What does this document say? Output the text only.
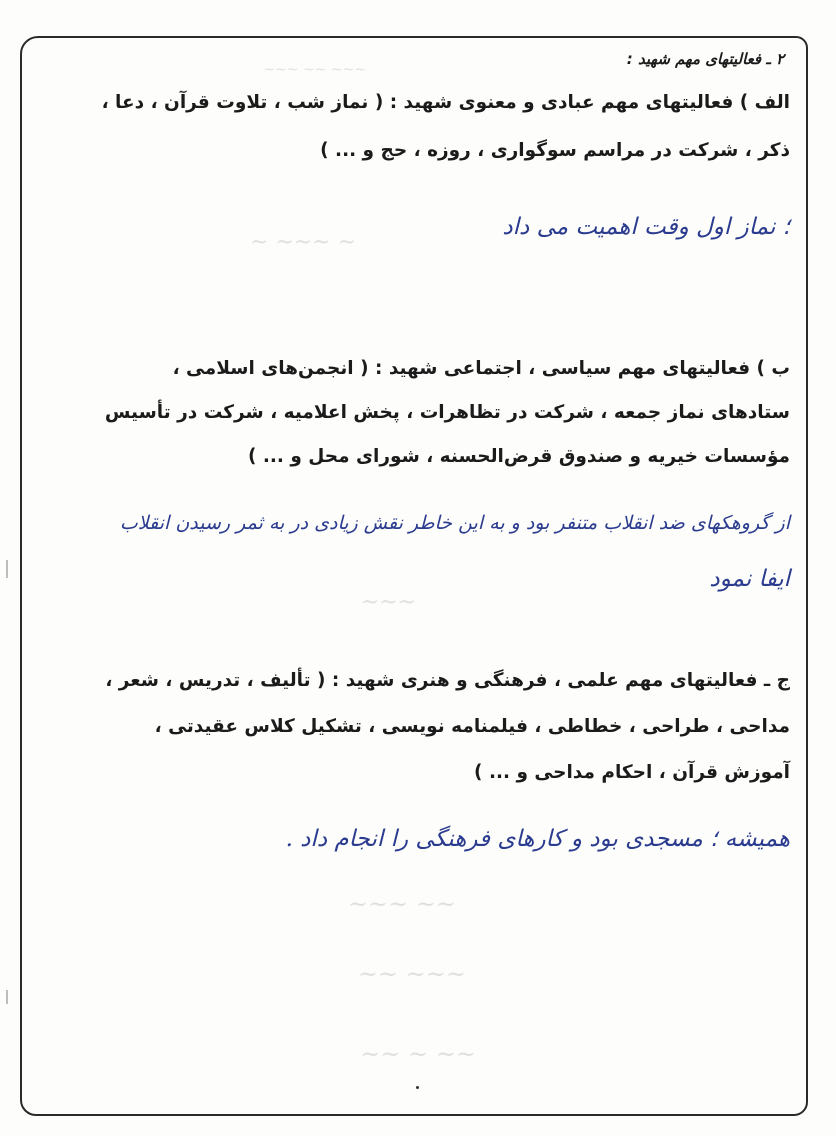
~~~ ~~ ~~~
~ ~~~ ~
~~~
~~ ~~~
~~~ ~~
~~ ~ ~~
۲ ـ فعالیتهای مهم شهید :
الف ) فعالیتهای مهم عبادی و معنوی شهید : ( نماز شب ، تلاوت قرآن ، دعا ،
ذکر ، شرکت در مراسم سوگواری ، روزه ، حج و ... )
؛ نماز اول وقت اهمیت می داد
ب ) فعالیتهای مهم سیاسی ، اجتماعی شهید : ( انجمن‌های اسلامی ،
ستادهای نماز جمعه ، شرکت در تظاهرات ، پخش اعلامیه ، شرکت در تأسیس
مؤسسات خیریه و صندوق قرض‌الحسنه ، شورای محل و ... )
از گروهکهای ضد انقلاب متنفر بود و به این خاطر نقش زیادی در به ثمر رسیدن انقلاب
ایفا نمود
ج ـ فعالیتهای مهم علمی ، فرهنگی و هنری شهید : ( تألیف ، تدریس ، شعر ،
مداحی ، طراحی ، خطاطی ، فیلمنامه نویسی ، تشکیل کلاس عقیدتی ،
آموزش قرآن ، احکام مداحی و ... )
همیشه ؛ مسجدی بود و کارهای فرهنگی را انجام داد .
